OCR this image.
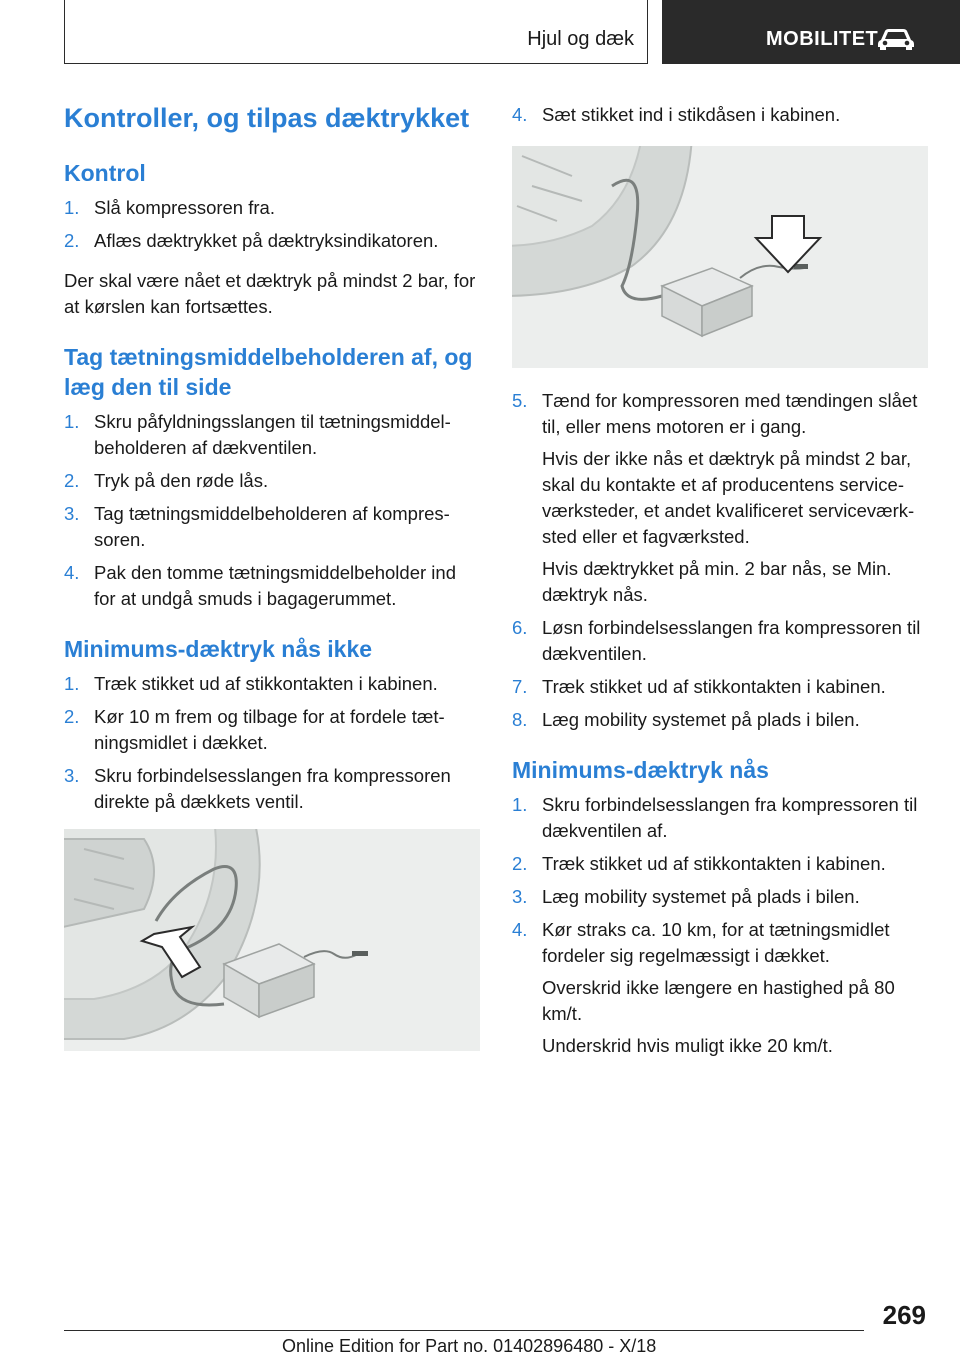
Hjul og dæk	MOBILITET
Kontroller, og tilpas dæktrykket
Kontrol
1. Slå kompressoren fra.
2. Aflæs dæktrykket på dæktryksindikatoren.

Der skal være nået et dæktryk på mindst 2 bar, for at kørslen kan fortsættes.

Tag tætningsmiddelbeholderen af, og læg den til side
1. Skru påfyldningsslangen til tætningsmiddelbeholderen af dækventilen.
2. Tryk på den røde lås.
3. Tag tætningsmiddelbeholderen af kompressoren.
4. Pak den tomme tætningsmiddelbeholder ind for at undgå smuds i bagagerummet.
Minimums-dæktryk nås ikke
1. Træk stikket ud af stikkontakten i kabinen.
2. Kør 10 m frem og tilbage for at fordele tætningsmidlet i dækket.
3. Skru forbindelsesslangen fra kompressoren direkte på dækkets ventil.
4. Sæt stikket ind i stikdåsen i kabinen.
5. Tænd for kompressoren med tændingen slået til, eller mens motoren er i gang.
Hvis der ikke nås et dæktryk på mindst 2 bar, skal du kontakte et af producentens serviceværksteder, et andet kvalificeret serviceværksted eller et fagværksted.
Hvis dæktrykket på min. 2 bar nås, se Min. dæktryk nås.
6. Løsn forbindelsesslangen fra kompressoren til dækventilen.
7. Træk stikket ud af stikkontakten i kabinen.
8. Læg mobility systemet på plads i bilen.
Minimums-dæktryk nås
1. Skru forbindelsesslangen fra kompressoren til dækventilen af.
2. Træk stikket ud af stikkontakten i kabinen.
3. Læg mobility systemet på plads i bilen.
4. Kør straks ca. 10 km, for at tætningsmidlet fordeler sig regelmæssigt i dækket.
Overskrid ikke længere en hastighed på 80 km/t.
Underskrid hvis muligt ikke 20 km/t.
269
Online Edition for Part no. 01402896480 - X/18
